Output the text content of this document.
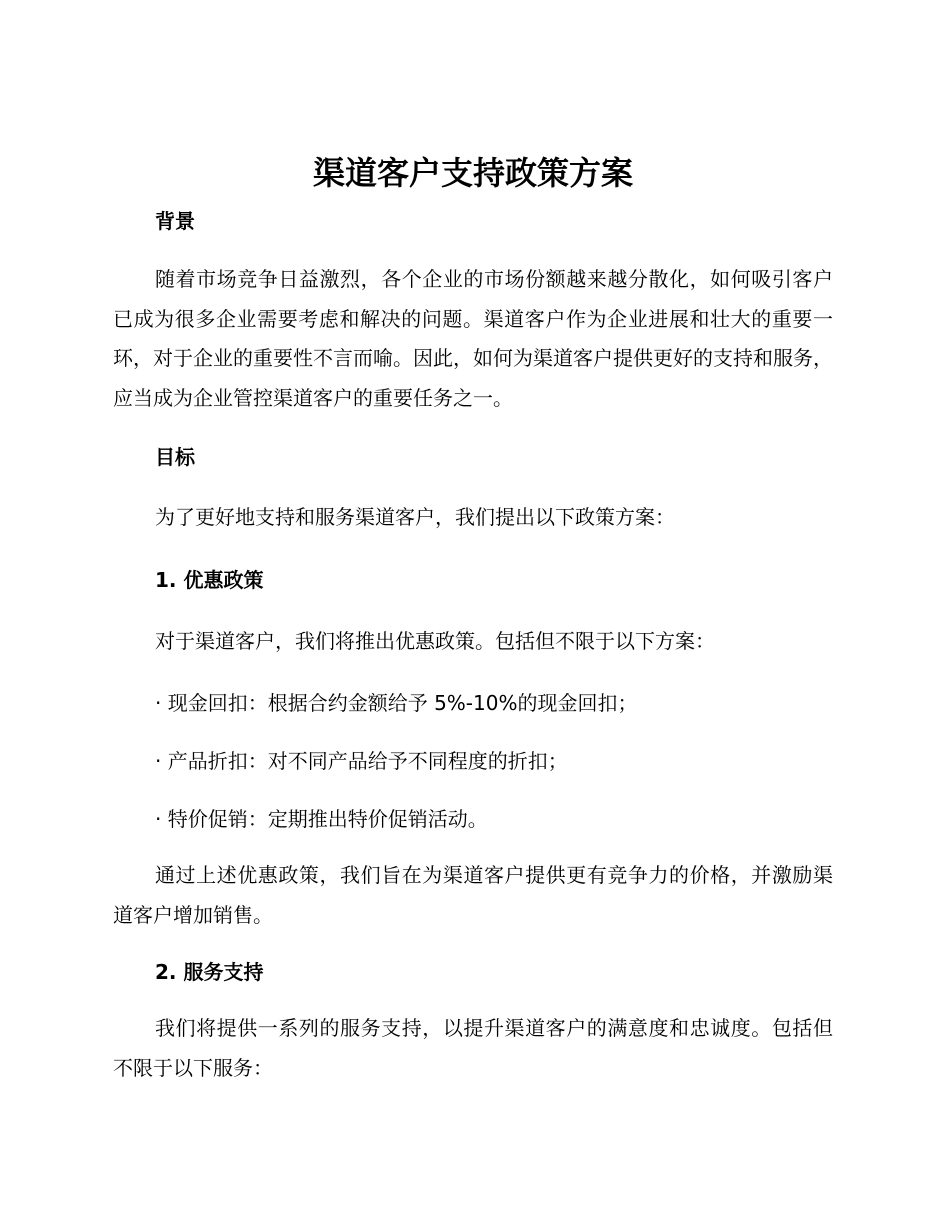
渠道客户支持政策方案
背景

随着市场竞争日益激烈，各个企业的市场份额越来越分散化，如何吸引客户已成为很多企业需要考虑和解决的问题。渠道客户作为企业进展和壮大的重要一环，对于企业的重要性不言而喻。因此，如何为渠道客户提供更好的支持和服务，应当成为企业管控渠道客户的重要任务之一。

目标

为了更好地支持和服务渠道客户，我们提出以下政策方案：

1. 优惠政策

对于渠道客户，我们将推出优惠政策。包括但不限于以下方案：

· 现金回扣：根据合约金额给予 5%-10%的现金回扣；

· 产品折扣：对不同产品给予不同程度的折扣；

· 特价促销：定期推出特价促销活动。

通过上述优惠政策，我们旨在为渠道客户提供更有竞争力的价格，并激励渠道客户增加销售。

2. 服务支持

我们将提供一系列的服务支持，以提升渠道客户的满意度和忠诚度。包括但不限于以下服务：
